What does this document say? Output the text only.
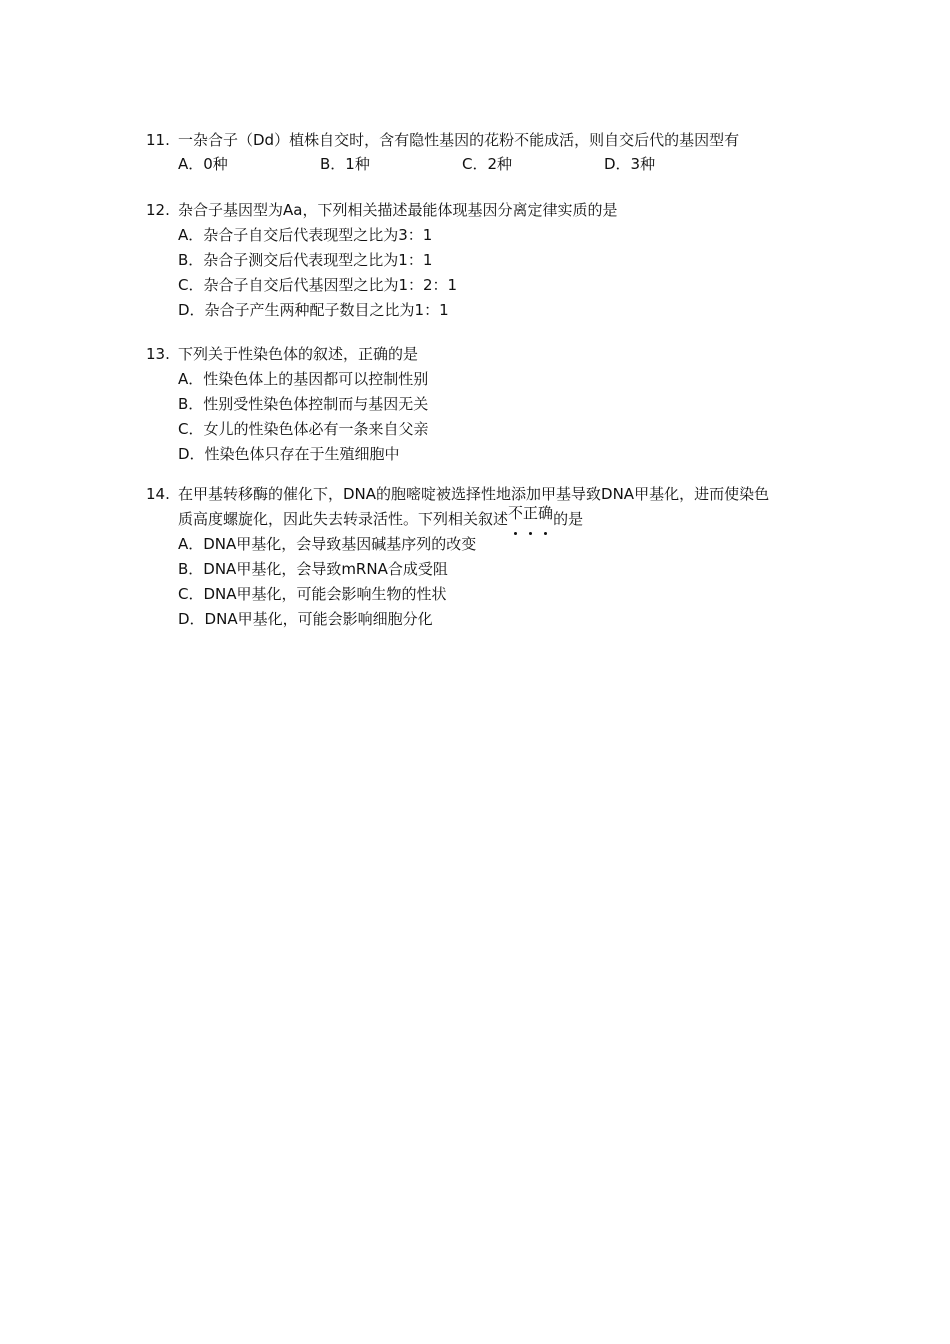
11. 一杂合子（Dd）植株自交时，含有隐性基因的花粉不能成活，则自交后代的基因型有
A．0种	B．1种	C．2种	D．3种
12. 杂合子基因型为Aa，下列相关描述最能体现基因分离定律实质的是
A．杂合子自交后代表现型之比为3：1
B．杂合子测交后代表现型之比为1：1
C．杂合子自交后代基因型之比为1：2：1
D．杂合子产生两种配子数目之比为1：1
13. 下列关于性染色体的叙述，正确的是
A．性染色体上的基因都可以控制性别
B．性别受性染色体控制而与基因无关
C．女儿的性染色体必有一条来自父亲
D．性染色体只存在于生殖细胞中
14. 在甲基转移酶的催化下，DNA的胞嘧啶被选择性地添加甲基导致DNA甲基化，进而使染色
质高度螺旋化，因此失去转录活性。下列相关叙述不正确的是
A．DNA甲基化，会导致基因碱基序列的改变
B．DNA甲基化，会导致mRNA合成受阻
C．DNA甲基化，可能会影响生物的性状
D．DNA甲基化，可能会影响细胞分化
